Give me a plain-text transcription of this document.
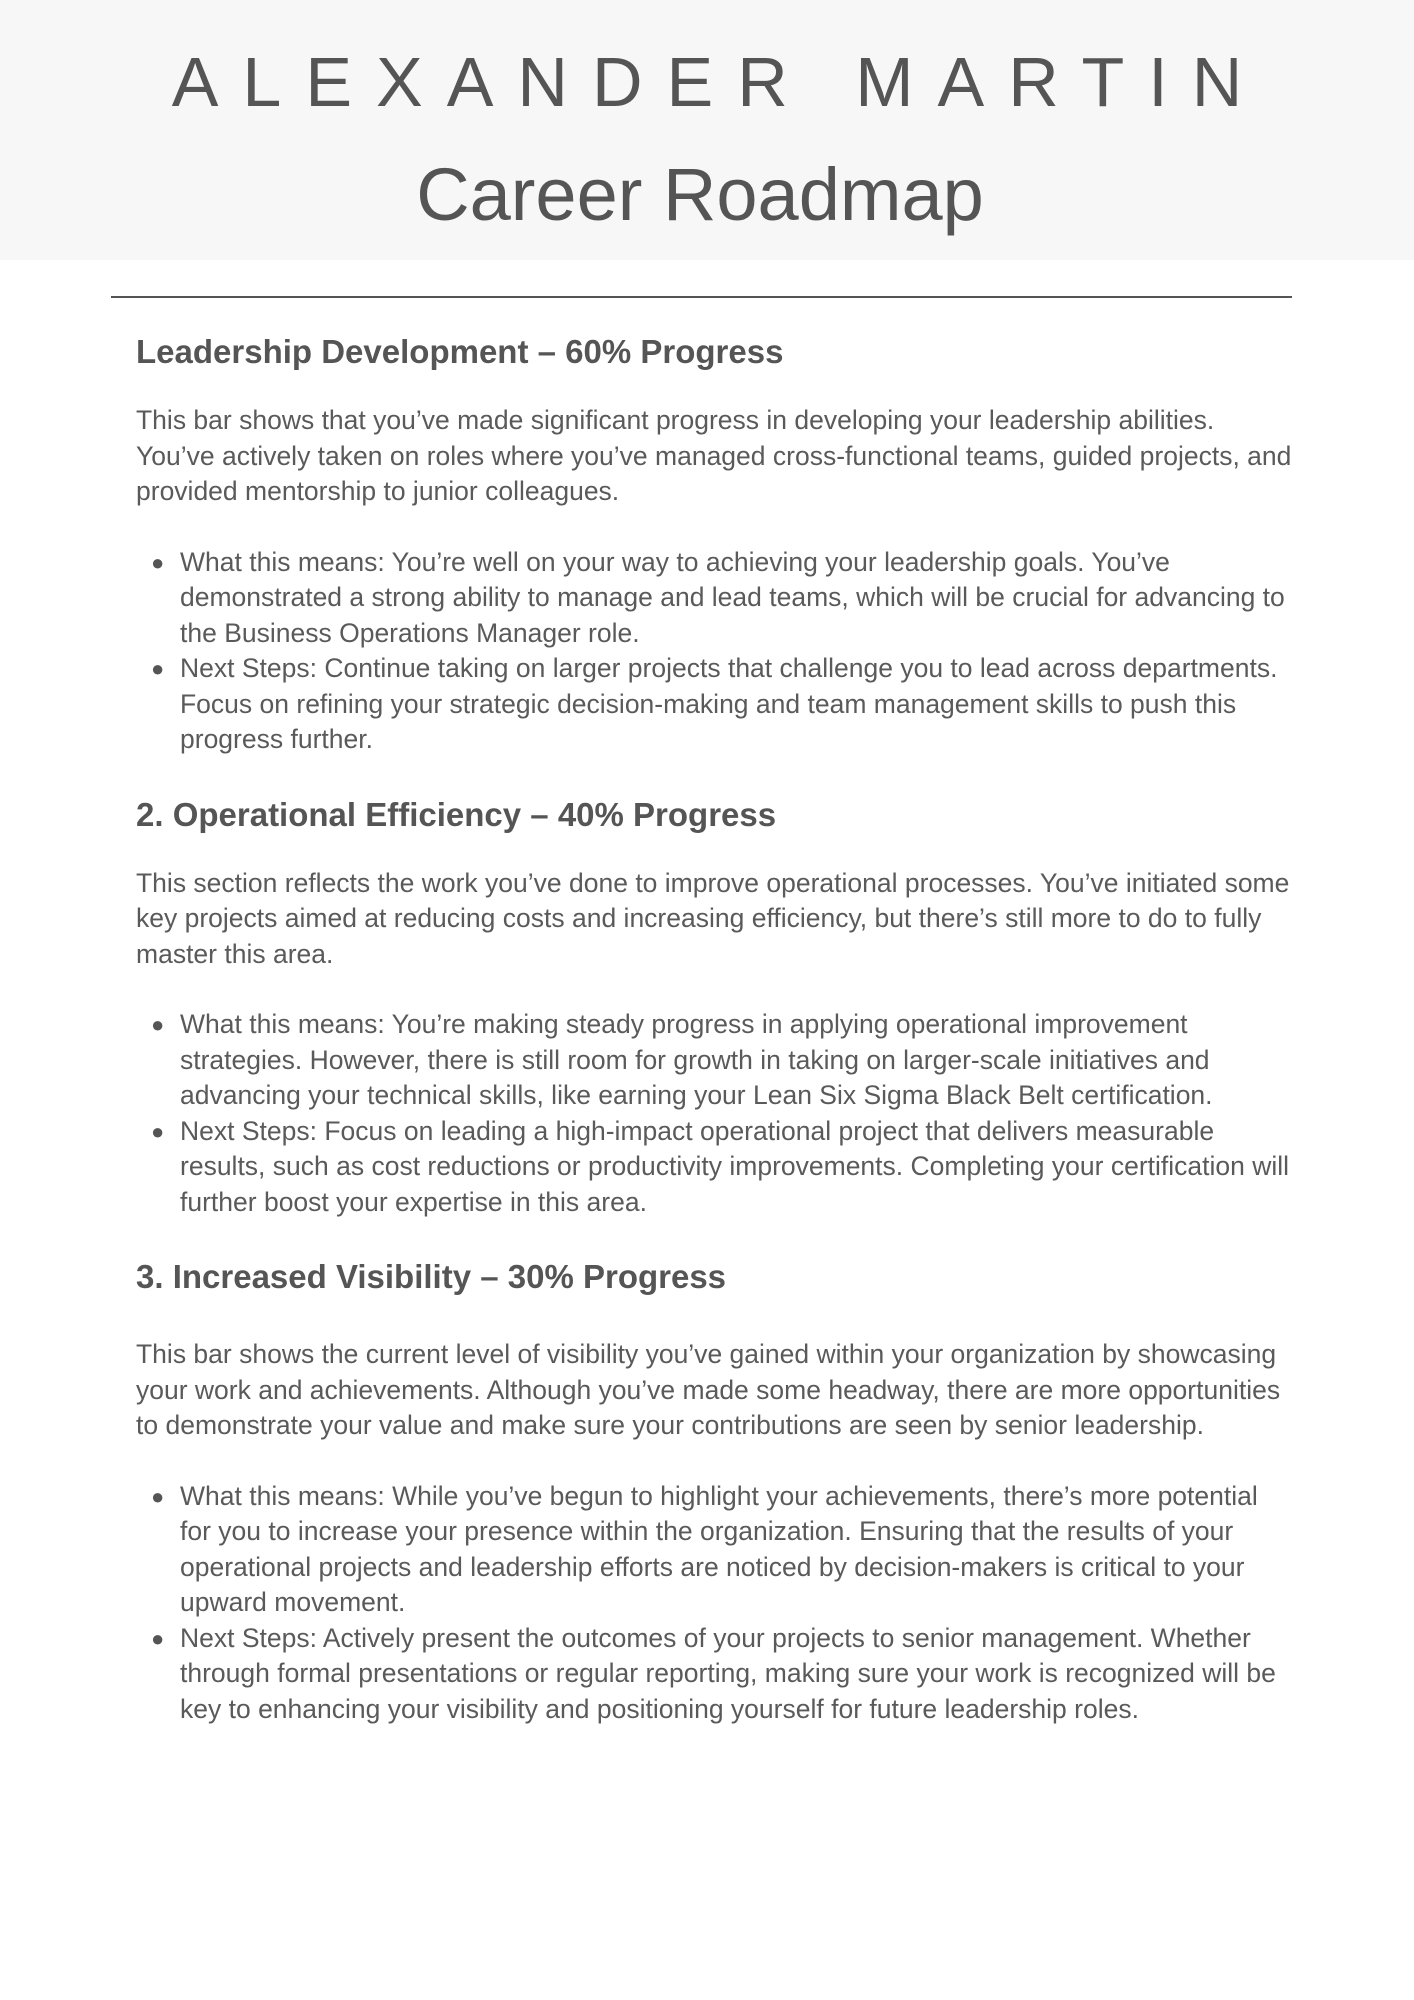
ALEXANDER MARTIN
Career Roadmap
Leadership Development – 60% Progress

This bar shows that you’ve made significant progress in developing your leadership abilities. You’ve actively taken on roles where you’ve managed cross-functional teams, guided projects, and provided mentorship to junior colleagues.

● What this means: You’re well on your way to achieving your leadership goals. You’ve demonstrated a strong ability to manage and lead teams, which will be crucial for advancing to the Business Operations Manager role.
● Next Steps: Continue taking on larger projects that challenge you to lead across departments. Focus on refining your strategic decision-making and team management skills to push this progress further.
2. Operational Efficiency – 40% Progress

This section reflects the work you’ve done to improve operational processes. You’ve initiated some key projects aimed at reducing costs and increasing efficiency, but there’s still more to do to fully master this area.

● What this means: You’re making steady progress in applying operational improvement strategies. However, there is still room for growth in taking on larger-scale initiatives and advancing your technical skills, like earning your Lean Six Sigma Black Belt certification.
● Next Steps: Focus on leading a high-impact operational project that delivers measurable results, such as cost reductions or productivity improvements. Completing your certification will further boost your expertise in this area.
3. Increased Visibility – 30% Progress

This bar shows the current level of visibility you’ve gained within your organization by showcasing your work and achievements. Although you’ve made some headway, there are more opportunities to demonstrate your value and make sure your contributions are seen by senior leadership.

● What this means: While you’ve begun to highlight your achievements, there’s more potential for you to increase your presence within the organization. Ensuring that the results of your operational projects and leadership efforts are noticed by decision-makers is critical to your upward movement.
● Next Steps: Actively present the outcomes of your projects to senior management. Whether through formal presentations or regular reporting, making sure your work is recognized will be key to enhancing your visibility and positioning yourself for future leadership roles.
